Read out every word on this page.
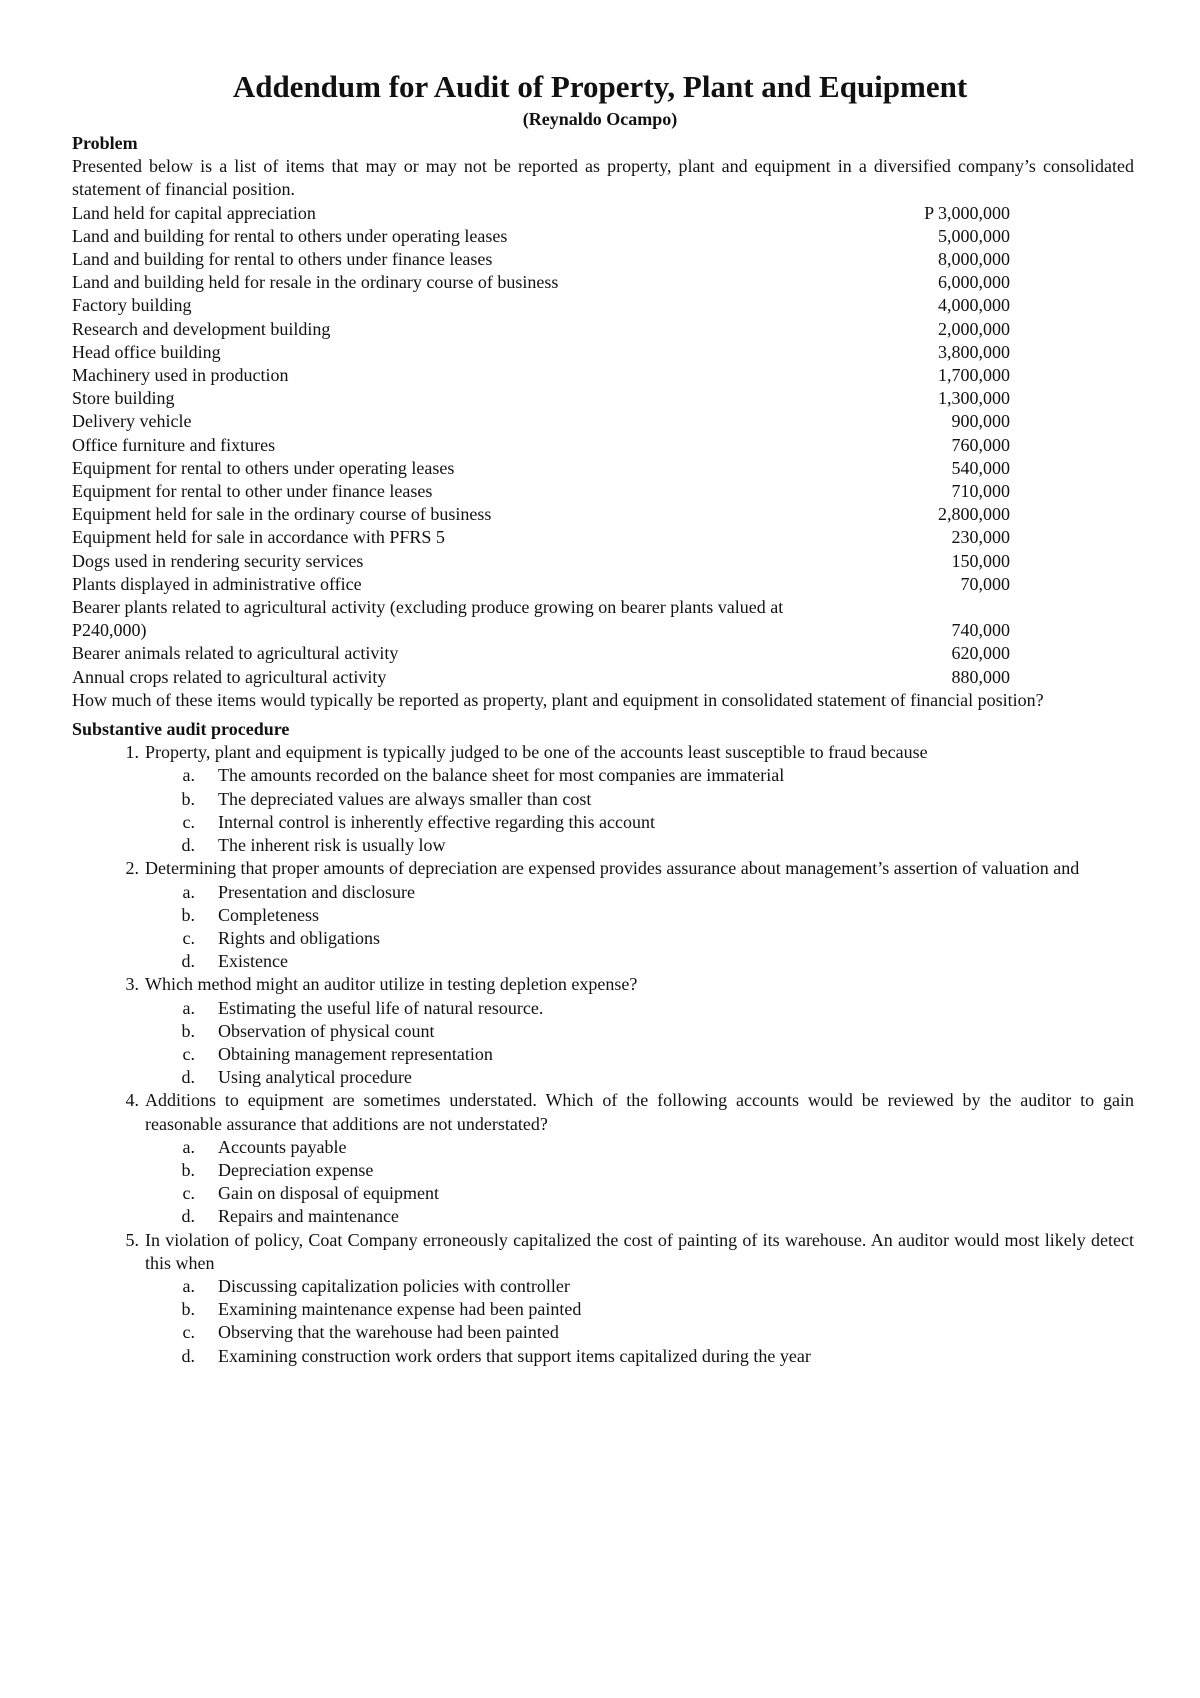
Addendum for Audit of Property, Plant and Equipment
(Reynaldo Ocampo)
Problem
Presented below is a list of items that may or may not be reported as property, plant and equipment in a diversified company’s consolidated statement of financial position.
Land held for capital appreciation	P 3,000,000
Land and building for rental to others under operating leases	5,000,000
Land and building for rental to others under finance leases	8,000,000
Land and building held for resale in the ordinary course of business	6,000,000
Factory building	4,000,000
Research and development building	2,000,000
Head office building	3,800,000
Machinery used in production	1,700,000
Store building	1,300,000
Delivery vehicle	900,000
Office furniture and fixtures	760,000
Equipment for rental to others under operating leases	540,000
Equipment for rental to other under finance leases	710,000
Equipment held for sale in the ordinary course of business	2,800,000
Equipment held for sale in accordance with PFRS 5	230,000
Dogs used in rendering security services	150,000
Plants displayed in administrative office	70,000
Bearer plants related to agricultural activity (excluding produce growing on bearer plants valued at P240,000)	740,000
Bearer animals related to agricultural activity	620,000
Annual crops related to agricultural activity	880,000
How much of these items would typically be reported as property, plant and equipment in consolidated statement of financial position?
Substantive audit procedure
1. Property, plant and equipment is typically judged to be one of the accounts least susceptible to fraud because
a.	The amounts recorded on the balance sheet for most companies are immaterial
b.	The depreciated values are always smaller than cost
c.	Internal control is inherently effective regarding this account
d.	The inherent risk is usually low
2. Determining that proper amounts of depreciation are expensed provides assurance about management’s assertion of valuation and
a.	Presentation and disclosure
b.	Completeness
c.	Rights and obligations
d.	Existence
3. Which method might an auditor utilize in testing depletion expense?
a.	Estimating the useful life of natural resource.
b.	Observation of physical count
c.	Obtaining management representation
d.	Using analytical procedure
4. Additions to equipment are sometimes understated. Which of the following accounts would be reviewed by the auditor to gain reasonable assurance that additions are not understated?
a.	Accounts payable
b.	Depreciation expense
c.	Gain on disposal of equipment
d.	Repairs and maintenance
5. In violation of policy, Coat Company erroneously capitalized the cost of painting of its warehouse. An auditor would most likely detect this when
a.	Discussing capitalization policies with controller
b.	Examining maintenance expense had been painted
c.	Observing that the warehouse had been painted
d.	Examining construction work orders that support items capitalized during the year
